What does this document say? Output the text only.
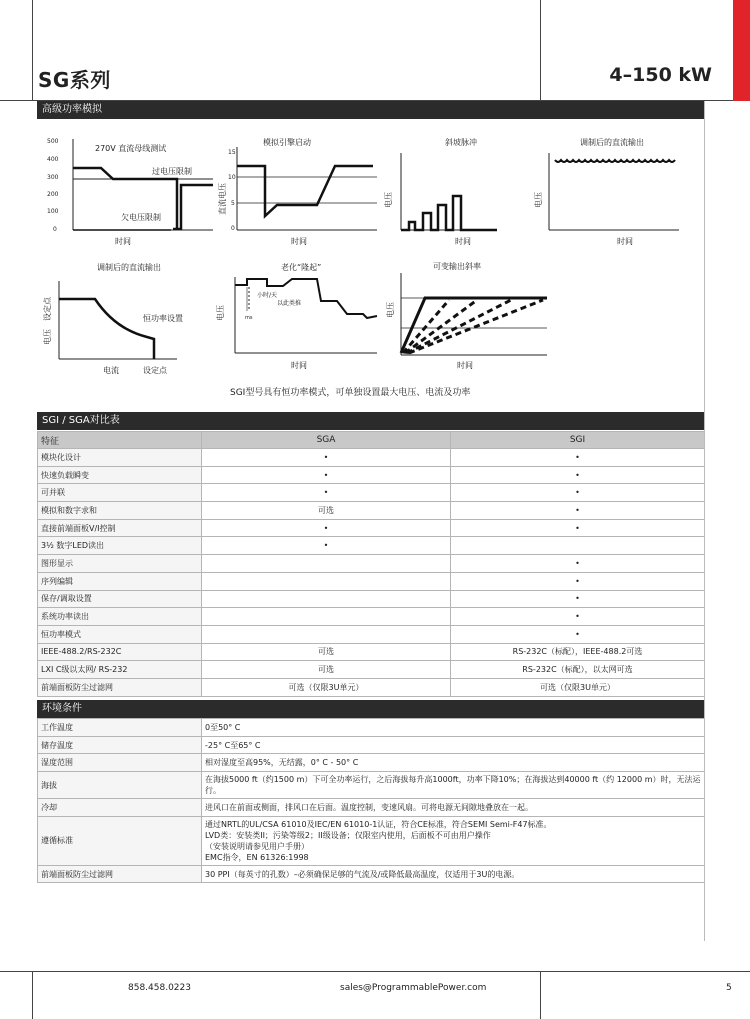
SG系列	4–150 kW
高级功率模拟
500
400
300
200
100
0
270V 直流母线测试
过电压限制
欠电压限制
时间
模拟引擎启动
15
10
5
0
直流电压
时间
斜坡脉冲
电压
时间
调制后的直流输出
电压
时间
调制后的直流输出
设定点
电压
恒功率设置
电流	设定点
老化“隆起”
ms
小时/天
以此类推
电压
时间
可变输出斜率
电压
时间
SGI型号具有恒功率模式，可单独设置最大电压、电流及功率
SGI / SGA对比表
特征	SGA	SGI
模块化设计	•	•
快速负载瞬变	•	•
可并联	•	•
模拟和数字求和	可选	•
直接前端面板V/I控制	•	•
3½ 数字LED读出	•	
图形显示		•
序列编辑		•
保存/调取设置		•
系统功率读出		•
恒功率模式		•
IEEE-488.2/RS-232C	可选	RS-232C（标配），IEEE-488.2可选
LXI C级以太网/ RS-232	可选	RS-232C（标配），以太网可选
前端面板防尘过滤网	可选（仅限3U单元）	可选（仅限3U单元）
环境条件
工作温度	0至50° C
储存温度	-25° C至65° C
湿度范围	相对湿度至高95%，无结露，0° C - 50° C
海拔	在海拔5000 ft（约1500 m）下可全功率运行，之后海拔每升高1000ft，功率下降10%；在海拔达到40000 ft（约 12000 m）时，无法运行。
冷却	进风口在前面或侧面，排风口在后面。温度控制，变速风扇。可将电源无间隙地叠放在一起。
遵循标准	通过NRTL的UL/CSA 61010及IEC/EN 61010-1认证，符合CE标准，符合SEMI Semi-F47标准。
LVD类：安装类II；污染等级2；II级设备；仅限室内使用，后面板不可由用户操作
（安装说明请参见用户手册）
EMC指令，EN 61326:1998

前端面板防尘过滤网	30 PPI（每英寸的孔数）–必须确保足够的气流及/或降低最高温度，仅适用于3U的电源。
858.458.0223	sales@ProgrammablePower.com	5
